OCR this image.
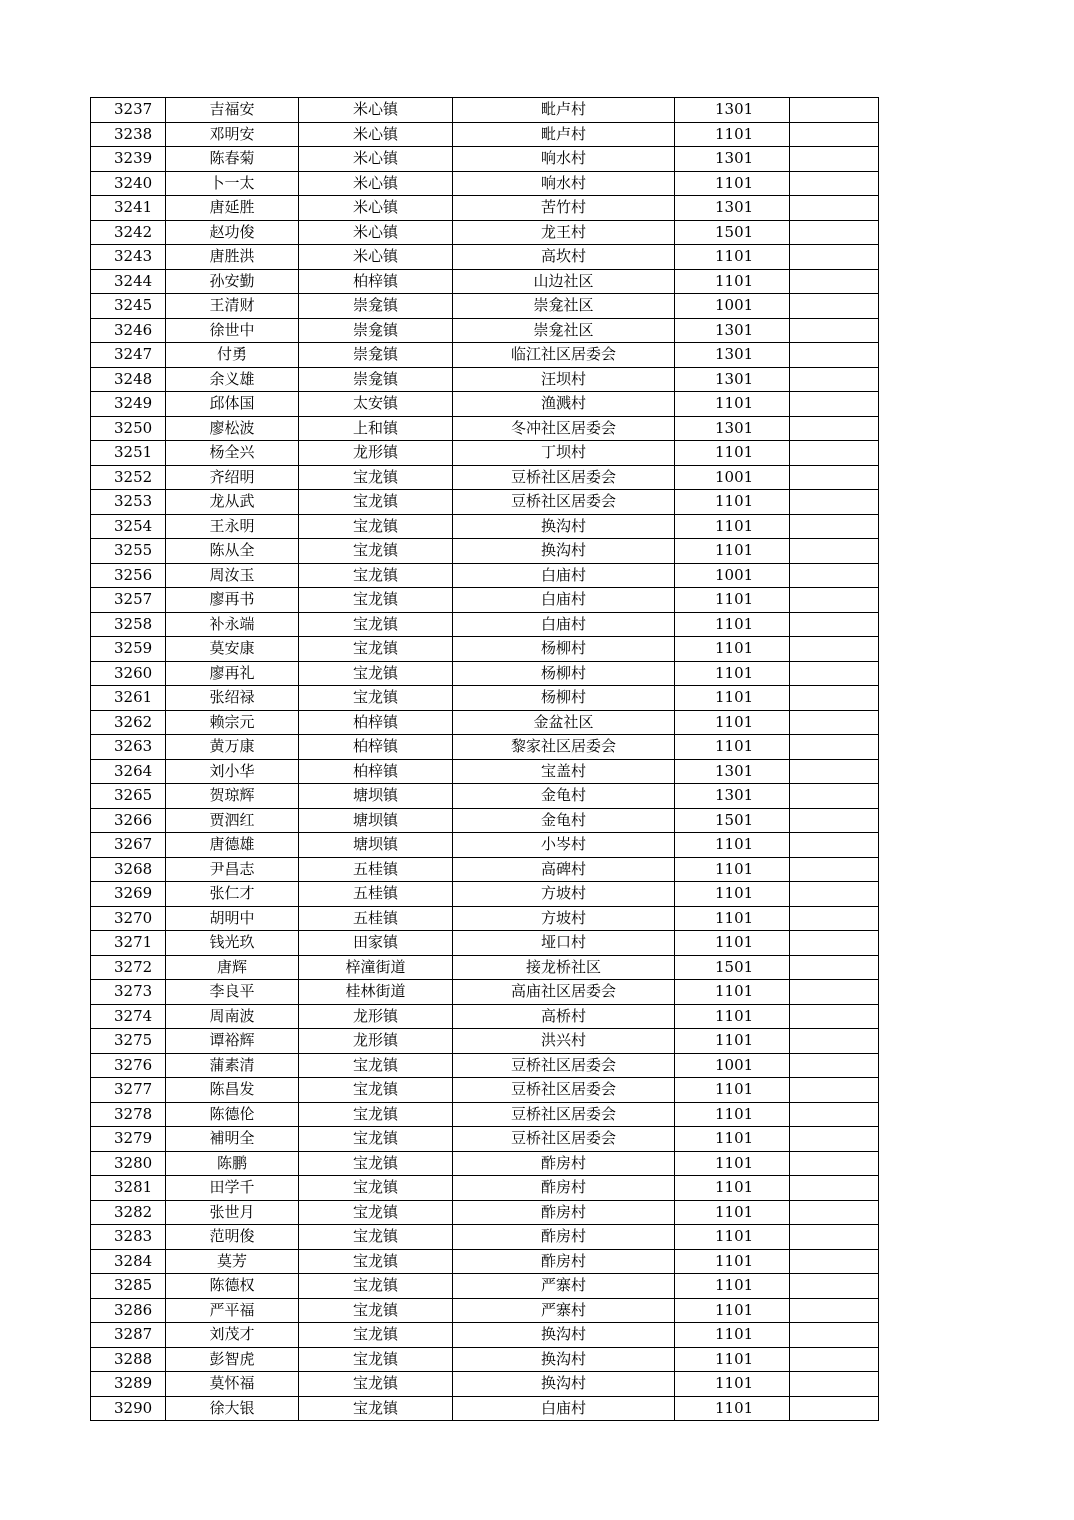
3237	吉福安	米心镇	毗卢村	1301	
3238	邓明安	米心镇	毗卢村	1101	
3239	陈春菊	米心镇	响水村	1301	
3240	卜一太	米心镇	响水村	1101	
3241	唐延胜	米心镇	苦竹村	1301	
3242	赵功俊	米心镇	龙王村	1501	
3243	唐胜洪	米心镇	高坎村	1101	
3244	孙安勤	柏梓镇	山边社区	1101	
3245	王清财	崇龛镇	崇龛社区	1001	
3246	徐世中	崇龛镇	崇龛社区	1301	
3247	付勇	崇龛镇	临江社区居委会	1301	
3248	余义雄	崇龛镇	汪坝村	1301	
3249	邱体国	太安镇	渔溅村	1101	
3250	廖松波	上和镇	冬冲社区居委会	1301	
3251	杨全兴	龙形镇	丁坝村	1101	
3252	齐绍明	宝龙镇	豆桥社区居委会	1001	
3253	龙从武	宝龙镇	豆桥社区居委会	1101	
3254	王永明	宝龙镇	换沟村	1101	
3255	陈从全	宝龙镇	换沟村	1101	
3256	周汝玉	宝龙镇	白庙村	1001	
3257	廖再书	宝龙镇	白庙村	1101	
3258	补永端	宝龙镇	白庙村	1101	
3259	莫安康	宝龙镇	杨柳村	1101	
3260	廖再礼	宝龙镇	杨柳村	1101	
3261	张绍禄	宝龙镇	杨柳村	1101	
3262	赖宗元	柏梓镇	金盆社区	1101	
3263	黄万康	柏梓镇	黎家社区居委会	1101	
3264	刘小华	柏梓镇	宝盖村	1301	
3265	贺琼辉	塘坝镇	金龟村	1301	
3266	贾泗红	塘坝镇	金龟村	1501	
3267	唐德雄	塘坝镇	小岑村	1101	
3268	尹昌志	五桂镇	高碑村	1101	
3269	张仁才	五桂镇	方坡村	1101	
3270	胡明中	五桂镇	方坡村	1101	
3271	钱光玖	田家镇	垭口村	1101	
3272	唐辉	梓潼街道	接龙桥社区	1501	
3273	李良平	桂林街道	高庙社区居委会	1101	
3274	周南波	龙形镇	高桥村	1101	
3275	谭裕辉	龙形镇	洪兴村	1101	
3276	蒲素清	宝龙镇	豆桥社区居委会	1001	
3277	陈昌发	宝龙镇	豆桥社区居委会	1101	
3278	陈德伦	宝龙镇	豆桥社区居委会	1101	
3279	補明全	宝龙镇	豆桥社区居委会	1101	
3280	陈鹏	宝龙镇	酢房村	1101	
3281	田学千	宝龙镇	酢房村	1101	
3282	张世月	宝龙镇	酢房村	1101	
3283	范明俊	宝龙镇	酢房村	1101	
3284	莫芳	宝龙镇	酢房村	1101	
3285	陈德权	宝龙镇	严寨村	1101	
3286	严平福	宝龙镇	严寨村	1101	
3287	刘茂才	宝龙镇	换沟村	1101	
3288	彭智虎	宝龙镇	换沟村	1101	
3289	莫怀福	宝龙镇	换沟村	1101	
3290	徐大银	宝龙镇	白庙村	1101	
